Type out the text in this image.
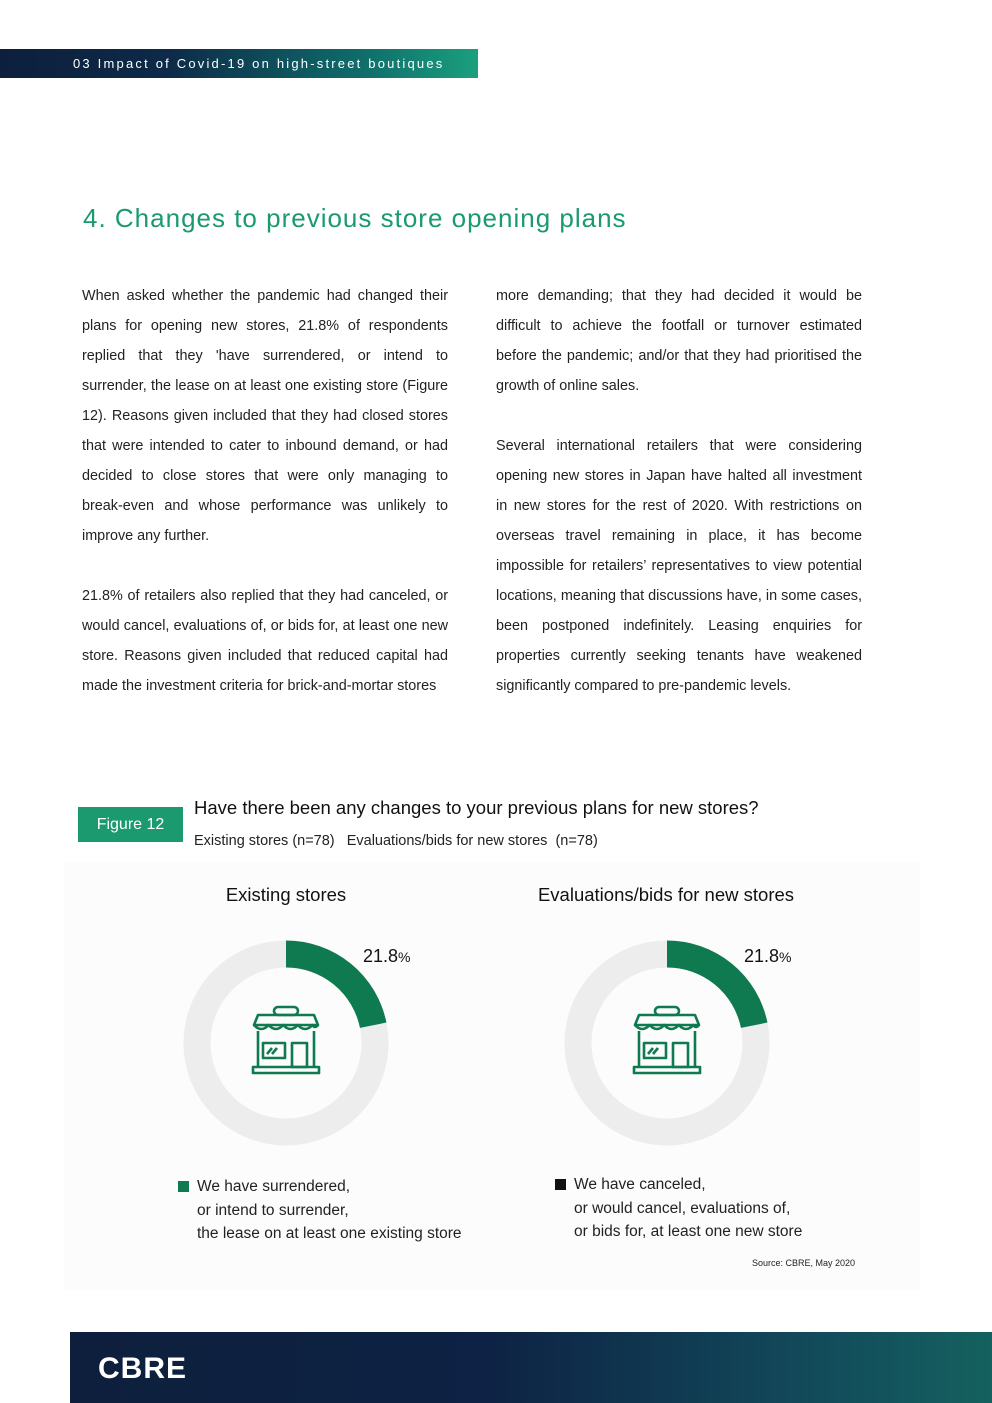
03 Impact of Covid-19 on high-street boutiques
4. Changes to previous store opening plans

When asked whether the pandemic had changed their plans for opening new stores, 21.8% of respondents replied that they 'have surrendered, or intend to surrender, the lease on at least one existing store (Figure 12). Reasons given included that they had closed stores that were intended to cater to inbound demand, or had decided to close stores that were only managing to break-even and whose performance was unlikely to improve any further.

21.8% of retailers also replied that they had canceled, or would cancel, evaluations of, or bids for, at least one new store. Reasons given included that reduced capital had made the investment criteria for brick-and-mortar stores

more demanding; that they had decided it would be difficult to achieve the footfall or turnover estimated before the pandemic; and/or that they had prioritised the growth of online sales.

Several international retailers that were considering opening new stores in Japan have halted all investment in new stores for the rest of 2020. With restrictions on overseas travel remaining in place, it has become impossible for retailers’ representatives to view potential locations, meaning that discussions have, in some cases, been postponed indefinitely. Leasing enquiries for properties currently seeking tenants have weakened significantly compared to pre-pandemic levels.

Figure 12
Have there been any changes to your previous plans for new stores?
Existing stores (n=78)   Evaluations/bids for new stores  (n=78)
Existing stores
21.8%
We have surrendered,
or intend to surrender,
the lease on at least one existing store
Evaluations/bids for new stores
21.8%
We have canceled,
or would cancel, evaluations of,
or bids for, at least one new store
Source: CBRE, May 2020
CBRE
